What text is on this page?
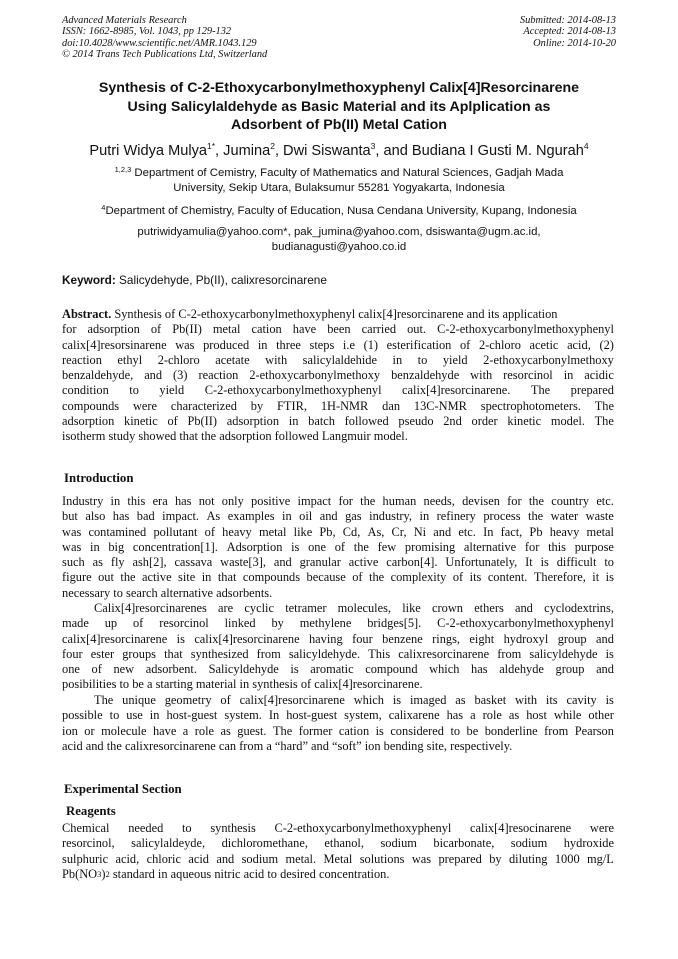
Advanced Materials Research
ISSN: 1662-8985, Vol. 1043, pp 129-132
doi:10.4028/www.scientific.net/AMR.1043.129
© 2014 Trans Tech Publications Ltd, Switzerland
Submitted: 2014-08-13
Accepted: 2014-08-13
Online: 2014-10-20
Synthesis of C-2-Ethoxycarbonylmethoxyphenyl Calix[4]Resorcinarene
Using Salicylaldehyde as Basic Material and its Aplplication as
Adsorbent of Pb(II) Metal Cation
Putri Widya Mulya$^{1*}$, Jumina$^2$, Dwi Siswanta$^3$, and Budiana I Gusti M. Ngurah$^4$
$^{1,2,3}$ Department of Cemistry, Faculty of Mathematics and Natural Sciences, Gadjah Mada
University, Sekip Utara, Bulaksumur 55281 Yogyakarta, Indonesia
$^4$Department of Chemistry, Faculty of Education, Nusa Cendana University, Kupang, Indonesia
putriwidyamulia@yahoo.com*, pak_jumina@yahoo.com, dsiswanta@ugm.ac.id,
budianagusti@yahoo.co.id
Keyword: Salicydehyde, Pb(II), calixresorcinarene
Abstract. Synthesis of C-2-ethoxycarbonylmethoxyphenyl calix[4]resorcinarene and its application
for adsorption of Pb(II) metal cation have been carried out. C-2-ethoxycarbonylmethoxyphenyl
calix[4]resorsinarene was produced in three steps i.e (1) esterification of 2-chloro acetic acid, (2)
reaction ethyl 2-chloro acetate with salicylaldehide in to yield 2-ethoxycarbonylmethoxy
benzaldehyde, and (3) reaction 2-ethoxycarbonylmethoxy benzaldehyde with resorcinol in acidic
condition to yield C-2-ethoxycarbonylmethoxyphenyl calix[4]resorcinarene. The prepared
compounds were characterized by FTIR, 1H-NMR dan 13C-NMR spectrophotometers. The
adsorption kinetic of Pb(II) adsorption in batch followed pseudo 2nd order kinetic model. The
isotherm study showed that the adsorption followed Langmuir model.
Introduction
Industry in this era has not only positive impact for the human needs, devisen for the country etc.
but also has bad impact. As examples in oil and gas industry, in refinery process the water waste
was contamined pollutant of heavy metal like Pb, Cd, As, Cr, Ni and etc. In fact, Pb heavy metal
was in big concentration[1]. Adsorption is one of the few promising alternative for this purpose
such as fly ash[2], cassava waste[3], and granular active carbon[4]. Unfortunately, It is difficult to
figure out the active site in that compounds because of the complexity of its content. Therefore, it is
necessary to search alternative adsorbents.
Calix[4]resorcinarenes are cyclic tetramer molecules, like crown ethers and cyclodextrins,
made up of resorcinol linked by methylene bridges[5]. C-2-ethoxycarbonylmethoxyphenyl
calix[4]resorcinarene is calix[4]resorcinarene having four benzene rings, eight hydroxyl group and
four ester groups that synthesized from salicyldehyde. This calixresorcinarene from salicyldehyde is
one of new adsorbent. Salicyldehyde is aromatic compound which has aldehyde group and
posibilities to be a starting material in synthesis of calix[4]resorcinarene.
The unique geometry of calix[4]resorcinarene which is imaged as basket with its cavity is
possible to use in host-guest system. In host-guest system, calixarene has a role as host while other
ion or molecule have a role as guest. The former cation is considered to be bonderline from Pearson
acid and the calixresorcinarene can from a “hard” and “soft” ion bending site, respectively.
Experimental Section
Reagents
Chemical needed to synthesis C-2-ethoxycarbonylmethoxyphenyl calix[4]resocinarene were
resorcinol, salicylaldeyde, dichloromethane, ethanol, sodium bicarbonate, sodium hydroxide
sulphuric acid, chloric acid and sodium metal. Metal solutions was prepared by diluting 1000 mg/L
Pb(NO 3 ) 2 standard in aqueous nitric acid to desired concentration.
